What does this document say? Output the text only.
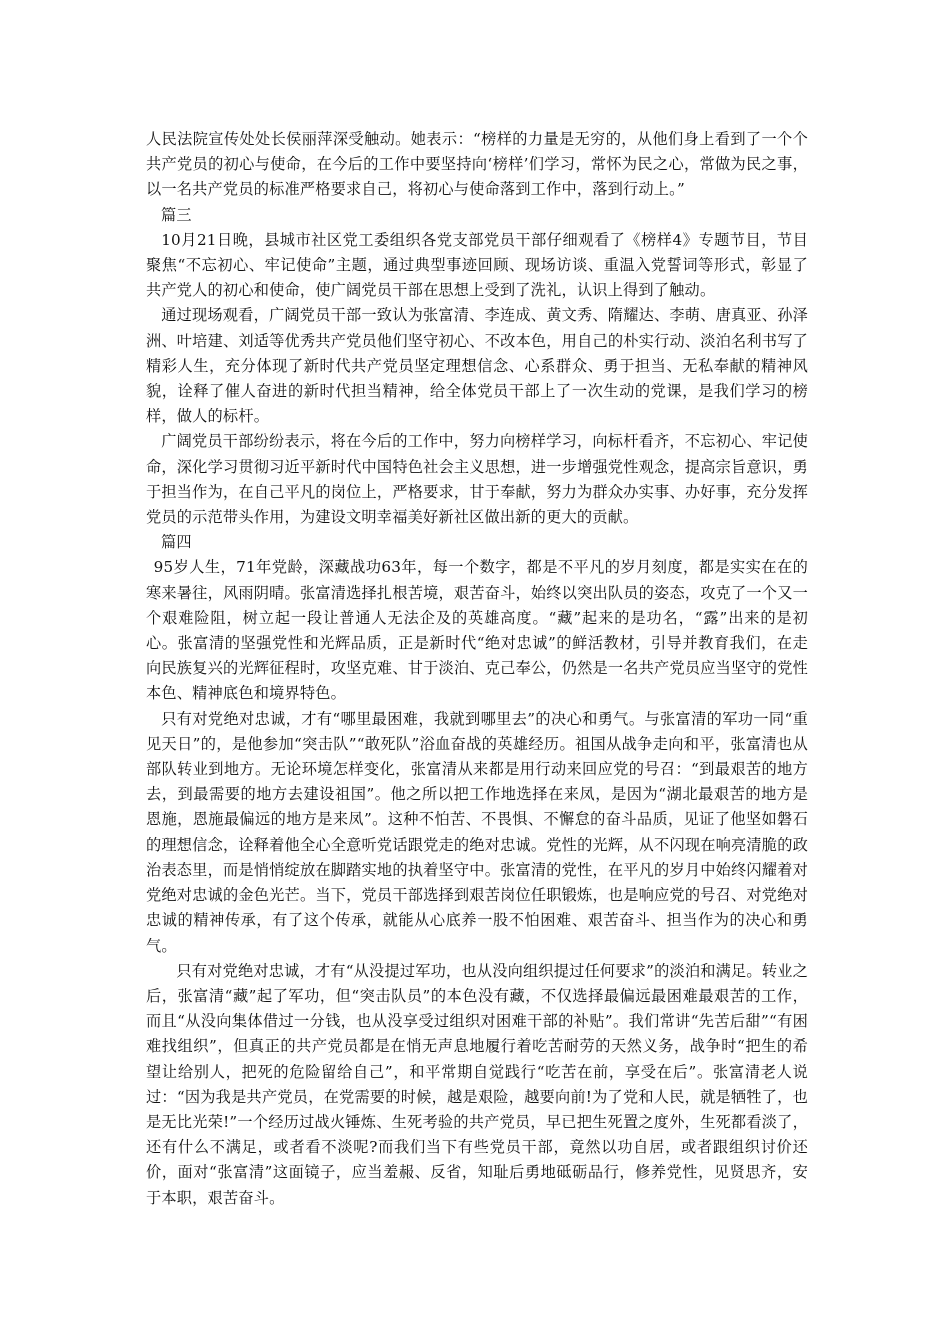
人民法院宣传处处长侯丽萍深受触动。她表示：“榜样的力量是无穷的，从他们身上看到了一个个共产党员的初心与使命，在今后的工作中要坚持向‘榜样’们学习，常怀为民之心，常做为民之事，以一名共产党员的标准严格要求自己，将初心与使命落到工作中，落到行动上。”

篇三

10月21日晚，县城市社区党工委组织各党支部党员干部仔细观看了《榜样4》专题节目，节目聚焦“不忘初心、牢记使命”主题，通过典型事迹回顾、现场访谈、重温入党誓词等形式，彰显了共产党人的初心和使命，使广阔党员干部在思想上受到了洗礼，认识上得到了触动。

通过现场观看，广阔党员干部一致认为张富清、李连成、黄文秀、隋耀达、李萌、唐真亚、孙泽洲、叶培建、刘适等优秀共产党员他们坚守初心、不改本色，用自己的朴实行动、淡泊名利书写了精彩人生，充分体现了新时代共产党员坚定理想信念、心系群众、勇于担当、无私奉献的精神风貌，诠释了催人奋进的新时代担当精神，给全体党员干部上了一次生动的党课，是我们学习的榜样，做人的标杆。

广阔党员干部纷纷表示，将在今后的工作中，努力向榜样学习，向标杆看齐，不忘初心、牢记使命，深化学习贯彻习近平新时代中国特色社会主义思想，进一步增强党性观念，提高宗旨意识，勇于担当作为，在自己平凡的岗位上，严格要求，甘于奉献，努力为群众办实事、办好事，充分发挥党员的示范带头作用，为建设文明幸福美好新社区做出新的更大的贡献。

篇四

95岁人生，71年党龄，深藏战功63年，每一个数字，都是不平凡的岁月刻度，都是实实在在的寒来暑往，风雨阴晴。张富清选择扎根苦境，艰苦奋斗，始终以突出队员的姿态，攻克了一个又一个艰难险阻，树立起一段让普通人无法企及的英雄高度。“藏”起来的是功名，“露”出来的是初心。张富清的坚强党性和光辉品质，正是新时代“绝对忠诚”的鲜活教材，引导并教育我们，在走向民族复兴的光辉征程时，攻坚克难、甘于淡泊、克己奉公，仍然是一名共产党员应当坚守的党性本色、精神底色和境界特色。

只有对党绝对忠诚，才有“哪里最困难，我就到哪里去”的决心和勇气。与张富清的军功一同“重见天日”的，是他参加“突击队”“敢死队”浴血奋战的英雄经历。祖国从战争走向和平，张富清也从部队转业到地方。无论环境怎样变化，张富清从来都是用行动来回应党的号召：“到最艰苦的地方去，到最需要的地方去建设祖国”。他之所以把工作地选择在来凤，是因为“湖北最艰苦的地方是恩施，恩施最偏远的地方是来凤”。这种不怕苦、不畏惧、不懈怠的奋斗品质，见证了他坚如磐石的理想信念，诠释着他全心全意听党话跟党走的绝对忠诚。党性的光辉，从不闪现在响亮清脆的政治表态里，而是悄悄绽放在脚踏实地的执着坚守中。张富清的党性，在平凡的岁月中始终闪耀着对党绝对忠诚的金色光芒。当下，党员干部选择到艰苦岗位任职锻炼，也是响应党的号召、对党绝对忠诚的精神传承，有了这个传承，就能从心底养一股不怕困难、艰苦奋斗、担当作为的决心和勇气。

只有对党绝对忠诚，才有“从没提过军功，也从没向组织提过任何要求”的淡泊和满足。转业之后，张富清“藏”起了军功，但“突击队员”的本色没有藏，不仅选择最偏远最困难最艰苦的工作，而且“从没向集体借过一分钱，也从没享受过组织对困难干部的补贴”。我们常讲“先苦后甜”“有困难找组织”，但真正的共产党员都是在悄无声息地履行着吃苦耐劳的天然义务，战争时“把生的希望让给别人，把死的危险留给自己”，和平常期自觉践行“吃苦在前，享受在后”。张富清老人说过：“因为我是共产党员，在党需要的时候，越是艰险，越要向前!为了党和人民，就是牺牲了，也是无比光荣!”一个经历过战火锤炼、生死考验的共产党员，早已把生死置之度外，生死都看淡了，还有什么不满足，或者看不淡呢?而我们当下有些党员干部，竟然以功自居，或者跟组织讨价还价，面对“张富清”这面镜子，应当羞赧、反省，知耻后勇地砥砺品行，修养党性，见贤思齐，安于本职，艰苦奋斗。
